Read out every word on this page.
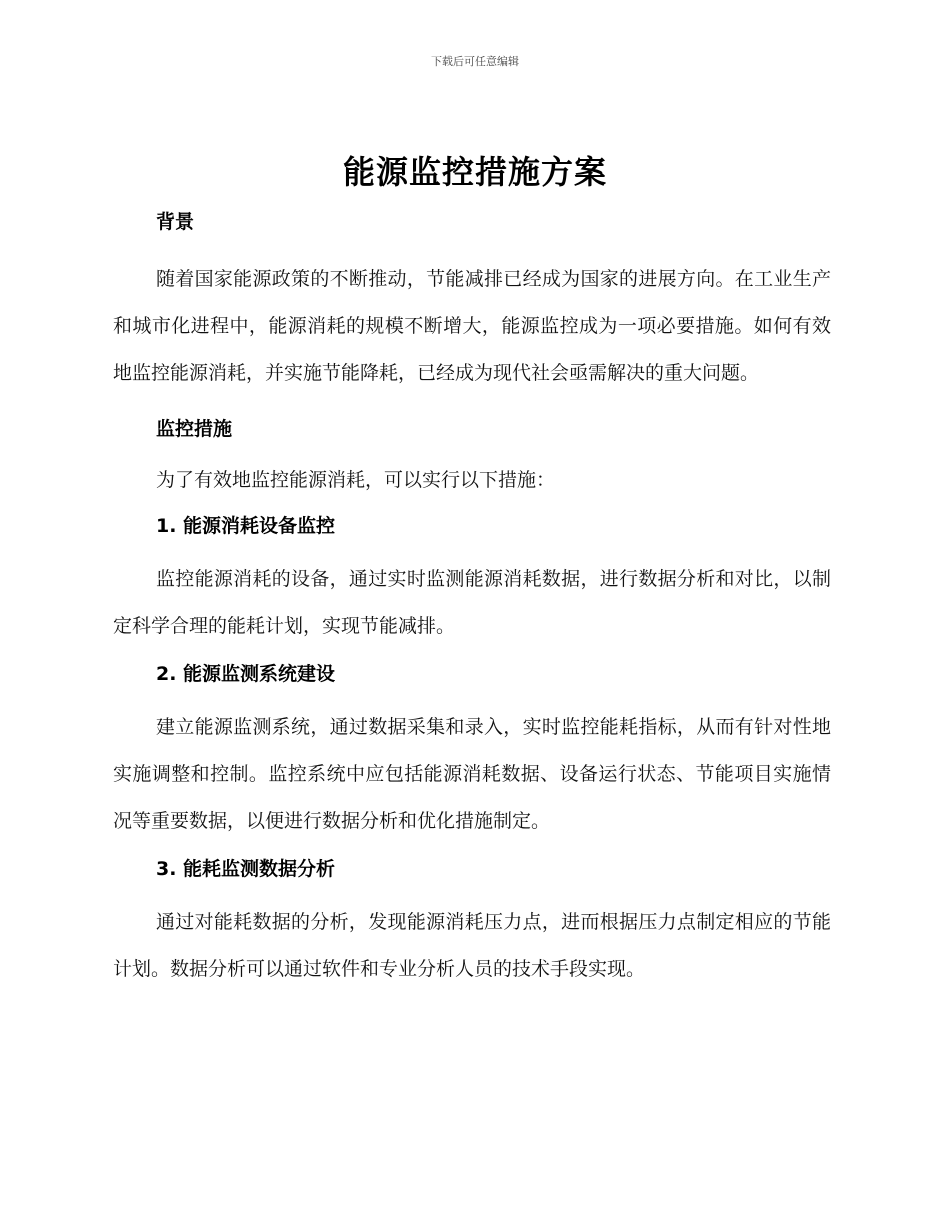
下载后可任意编辑
能源监控措施方案

背景

随着国家能源政策的不断推动，节能减排已经成为国家的进展方向。在工业生产和城市化进程中，能源消耗的规模不断增大，能源监控成为一项必要措施。如何有效地监控能源消耗，并实施节能降耗，已经成为现代社会亟需解决的重大问题。

监控措施

为了有效地监控能源消耗，可以实行以下措施：

1. 能源消耗设备监控

监控能源消耗的设备，通过实时监测能源消耗数据，进行数据分析和对比，以制定科学合理的能耗计划，实现节能减排。

2. 能源监测系统建设

建立能源监测系统，通过数据采集和录入，实时监控能耗指标，从而有针对性地实施调整和控制。监控系统中应包括能源消耗数据、设备运行状态、节能项目实施情况等重要数据，以便进行数据分析和优化措施制定。

3. 能耗监测数据分析

通过对能耗数据的分析，发现能源消耗压力点，进而根据压力点制定相应的节能计划。数据分析可以通过软件和专业分析人员的技术手段实现。
